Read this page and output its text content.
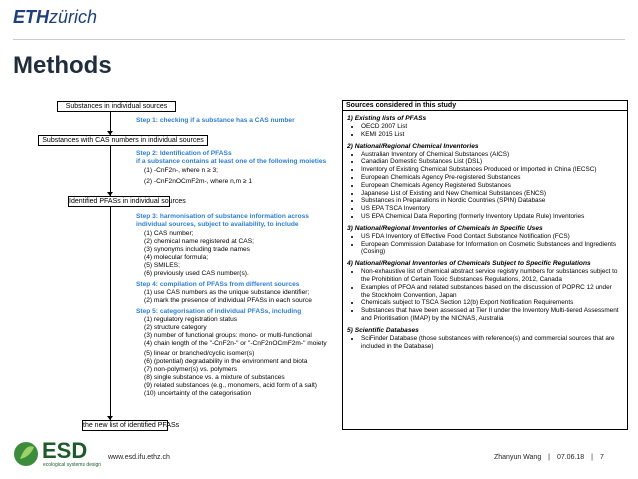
ETHzürich
Methods
Substances in individual sources
Step 1: checking if a substance has a CAS number
Substances with CAS numbers in individual sources
Step 2: Identification of PFASs
if a substance contains at least one of the following moieties
(1) -CnF2n-, where n ≥ 3;
(2) -CnF2nOCmF2m-, where n,m ≥ 1
Identified PFASs in individual sources
Step 3: harmonisation of substance information across
individual sources, subject to availability, to include
(1) CAS number;
(2) chemical name registered at CAS;
(3) synonyms including trade names
(4) molecular formula;
(5) SMILES;
(6) previously used CAS number(s).
Step 4: compilation of PFASs from different sources
(1) use CAS numbers as the unique substance identifier;
(2) mark the presence of individual PFASs in each source
Step 5: categorisation of individual PFASs, including
(1) regulatory registration status
(2) structure category
(3) number of functional groups: mono- or multi-functional
(4) chain length of the "-CnF2n-" or "-CnF2nOCmF2m-" moiety
(5) linear or branched/cyclic isomer(s)
(6) (potential) degradability in the environment and biota
(7) non-polymer(s) vs. polymers
(8) single substance vs. a mixture of substances
(9) related substances (e.g., monomers, acid form of a salt)
(10) uncertainty of the categorisation
the new list of identified PFASs
Sources considered in this study
1) Existing lists of PFASs
• OECD 2007 List
• KEMI 2015 List
2) National/Regional Chemical Inventories
• Australian Inventory of Chemical Substances (AICS)
• Canadian Domestic Substances List (DSL)
• Inventory of Existing Chemical Substances Produced or Imported in China (IECSC)
• European Chemicals Agency Pre-registered Substances
• European Chemicals Agency Registered Substances
• Japanese List of Existing and New Chemical Substances (ENCS)
• Substances in Preparations in Nordic Countries (SPIN) Database
• US EPA TSCA Inventory
• US EPA Chemical Data Reporting (formerly Inventory Update Rule) Inventories
3) National/Regional Inventories of Chemicals in Specific Uses
• US FDA Inventory of Effective Food Contact Substance Notification (FCS)
• European Commission Database for Information on Cosmetic Substances and Ingredients (Cosing)
4) National/Regional Inventories of Chemicals Subject to Specific Regulations
• Non-exhaustive list of chemical abstract service registry numbers for substances subject to the Prohibition of Certain Toxic Substances Regulations, 2012, Canada
• Examples of PFOA and related substances based on the discussion of POPRC 12 under the Stockholm Convention, Japan
• Chemicals subject to TSCA Section 12(b) Export Notification Requirements
• Substances that have been assessed at Tier II under the Inventory Multi-tiered Assessment and Prioritisation (IMAP) by the NICNAS, Australia
5) Scientific Databases
• SciFinder Database (those substances with reference(s) and commercial sources that are included in the Database)
ESD
ecological systems design
www.esd.ifu.ethz.ch	Zhanyun Wang | 07.06.18 | 7
